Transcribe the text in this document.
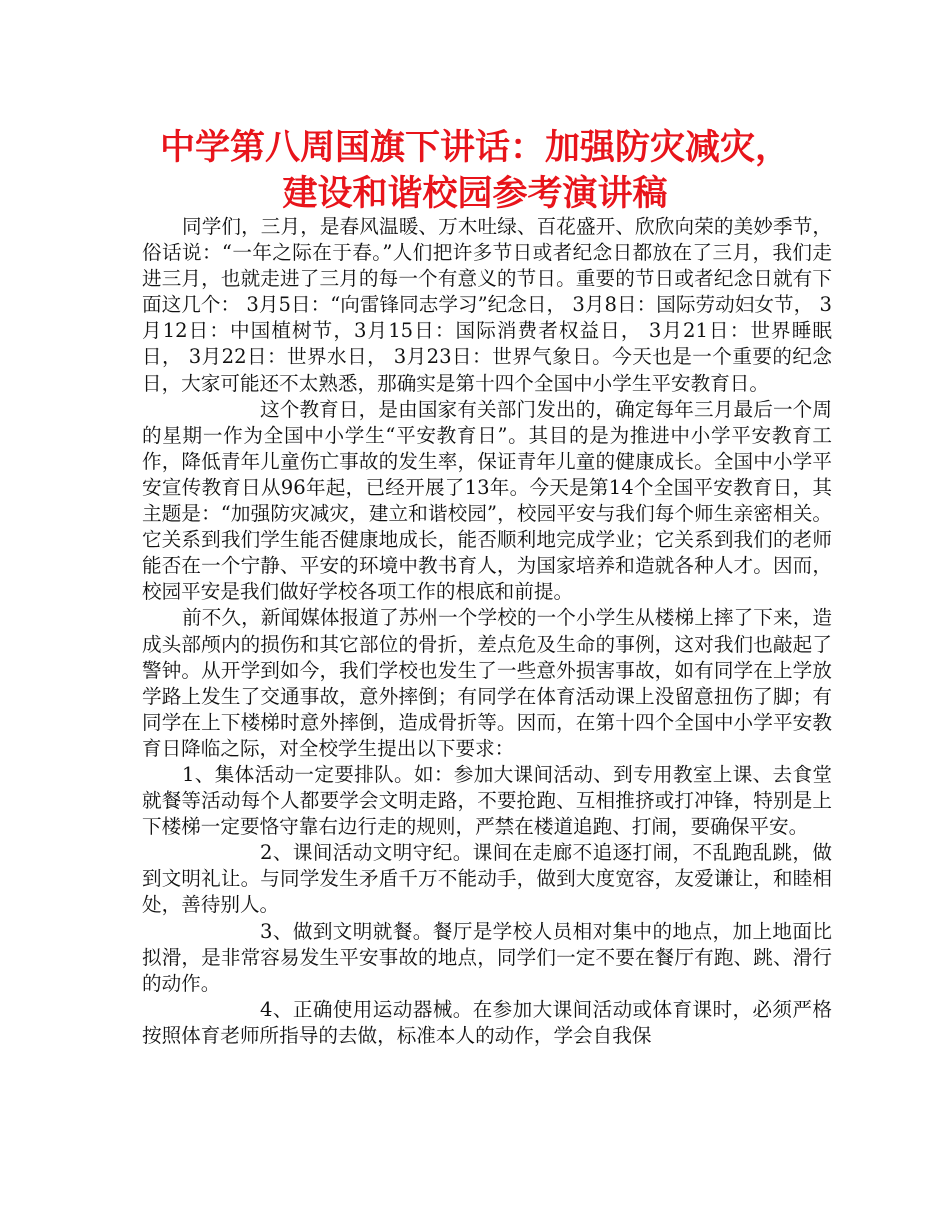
中学第八周国旗下讲话：加强防灾减灾，
建设和谐校园参考演讲稿

同学们，三月，是春风温暖、万木吐绿、百花盛开、欣欣向荣的美妙季节，俗话说：“一年之际在于春。”人们把许多节日或者纪念日都放在了三月，我们走进三月，也就走进了三月的每一个有意义的节日。重要的节日或者纪念日就有下面这几个： 3月5日：“向雷锋同志学习”纪念日， 3月8日：国际劳动妇女节， 3月12日：中国植树节，3月15日：国际消费者权益日， 3月21日：世界睡眠日， 3月22日：世界水日， 3月23日：世界气象日。今天也是一个重要的纪念日，大家可能还不太熟悉，那确实是第十四个全国中小学生平安教育日。

这个教育日，是由国家有关部门发出的，确定每年三月最后一个周的星期一作为全国中小学生“平安教育日”。其目的是为推进中小学平安教育工作，降低青年儿童伤亡事故的发生率，保证青年儿童的健康成长。全国中小学平安宣传教育日从96年起，已经开展了13年。今天是第14个全国平安教育日，其主题是：“加强防灾减灾，建立和谐校园”，校园平安与我们每个师生亲密相关。它关系到我们学生能否健康地成长，能否顺利地完成学业；它关系到我们的老师能否在一个宁静、平安的环境中教书育人，为国家培养和造就各种人才。因而，校园平安是我们做好学校各项工作的根底和前提。

前不久，新闻媒体报道了苏州一个学校的一个小学生从楼梯上摔了下来，造成头部颅内的损伤和其它部位的骨折，差点危及生命的事例，这对我们也敲起了警钟。从开学到如今，我们学校也发生了一些意外损害事故，如有同学在上学放学路上发生了交通事故，意外摔倒；有同学在体育活动课上没留意扭伤了脚；有同学在上下楼梯时意外摔倒，造成骨折等。因而，在第十四个全国中小学平安教育日降临之际，对全校学生提出以下要求：

1、集体活动一定要排队。如：参加大课间活动、到专用教室上课、去食堂就餐等活动每个人都要学会文明走路，不要抢跑、互相推挤或打冲锋，特别是上下楼梯一定要恪守靠右边行走的规则，严禁在楼道追跑、打闹，要确保平安。

2、课间活动文明守纪。课间在走廊不追逐打闹，不乱跑乱跳，做到文明礼让。与同学发生矛盾千万不能动手，做到大度宽容，友爱谦让，和睦相处，善待别人。

3、做到文明就餐。餐厅是学校人员相对集中的地点，加上地面比拟滑，是非常容易发生平安事故的地点，同学们一定不要在餐厅有跑、跳、滑行的动作。

4、正确使用运动器械。在参加大课间活动或体育课时，必须严格按照体育老师所指导的去做，标准本人的动作，学会自我保
